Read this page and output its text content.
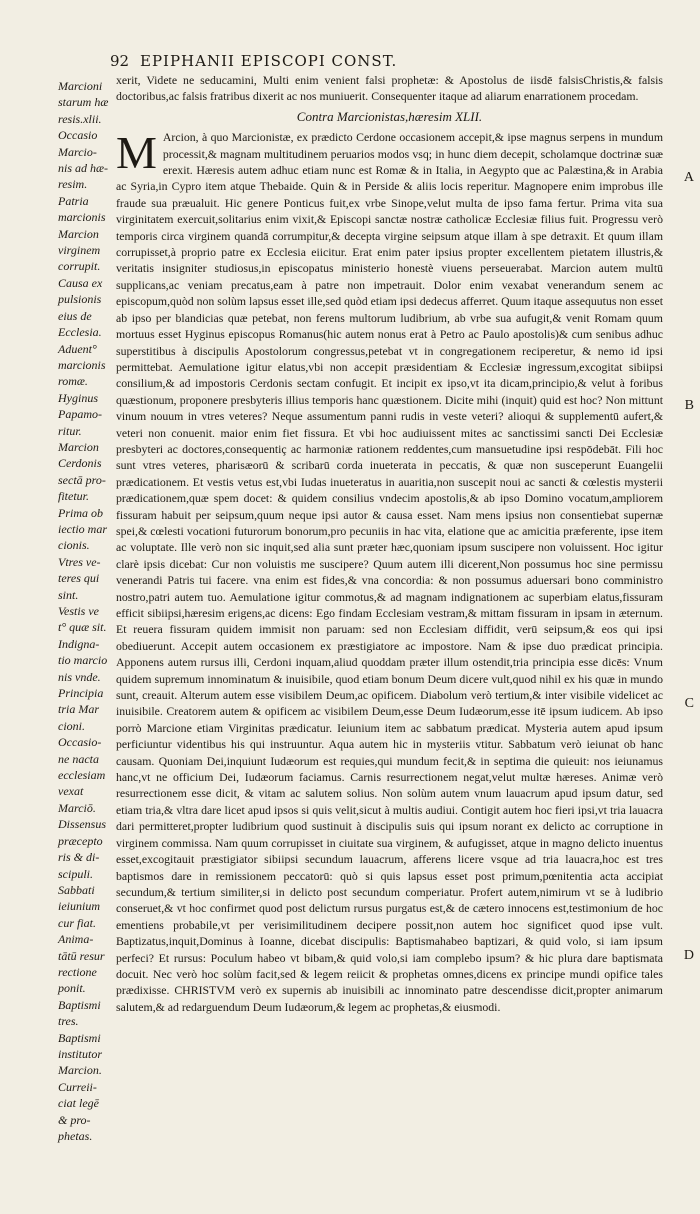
92 EPIPHANII EPISCOPI CONST.
Marcioni
starum hæ
resis.xlii.
Occasio
Marcio-
nis ad hæ-
resim.
Patria
marcionis
Marcion
virginem
corrupit.
Causa ex
pulsionis
eius de
Ecclesia.
Aduent°
marcionis
romæ.
Hyginus
Papamo-
ritur.
Marcion
Cerdonis
sectā pro-
fitetur.
Prima ob
iectio mar
cionis.
Vtres ve-
teres qui
sint.
Vestis ve
t° quæ sit.
Indigna-
tio marcio
nis vnde.
Principia
tria Mar
cioni.
Occasio-
ne nacta
ecclesiam
vexat
Marciō.
Dissensus
præcepto
ris & di-
scipuli.
Sabbati
ieiunium
cur fiat.
Anima-
tātū resur
rectione
ponit.
Baptismi
tres.
Baptismi
institutor
Marcion.
Curreii-
ciat legē
& pro-
phetas.

xerit, Videte ne seducamini, Multi enim venient falsi prophetæ: & Apostolus de iisdē falsisChristis,& falsis doctoribus,ac falsis fratribus dixerit ac nos muniuerit. Consequenter itaque ad aliarum enarrationem procedam.

Contra Marcionistas,hæresim XLII.

M Arcion, à quo Marcionistæ, ex prædicto Cerdone occasionem accepit,& ipse magnus serpens in mundum processit,& magnam multitudinem peruarios modos vsq; in hunc diem decepit, scholamque doctrinæ suæ erexit. Hæresis autem adhuc etiam nunc est Romæ & in Italia, in Aegypto que ac Palæstina,& in Arabia ac Syria,in Cypro item atque Thebaide. Quin & in Perside & aliis locis reperitur. Magnopere enim improbus ille fraude sua præualuit. Hic genere Ponticus fuit,ex vrbe Sinope,velut multa de ipso fama fertur. Prima vita sua virginitatem exercuit,solitarius enim vixit,& Episcopi sanctæ nostræ catholicæ Ecclesiæ filius fuit. Progressu verò temporis circa virginem quandā corrumpitur,& decepta virgine seipsum atque illam à spe detraxit. Et quum illam corrupisset,à proprio patre ex Ecclesia eiicitur. Erat enim pater ipsius propter excellentem pietatem illustris,& veritatis insigniter studiosus,in episcopatus ministerio honestè viuens perseuerabat. Marcion autem multū supplicans,ac veniam precatus,eam à patre non impetrauit. Dolor enim vexabat venerandum senem ac episcopum,quòd non solùm lapsus esset ille,sed quòd etiam ipsi dedecus afferret. Quum itaque assequutus non esset ab ipso per blandicias quæ petebat, non ferens multorum ludibrium, ab vrbe sua aufugit,& venit Romam quum mortuus esset Hyginus episcopus Romanus(hic autem nonus erat à Petro ac Paulo apostolis)& cum senibus adhuc superstitibus à discipulis Apostolorum congressus,petebat vt in congregationem reciperetur, & nemo id ipsi permittebat. Aemulatione igitur elatus,vbi non accepit præsidentiam & Ecclesiæ ingressum,excogitat sibiipsi consilium,& ad impostoris Cerdonis sectam confugit. Et incipit ex ipso,vt ita dicam,principio,& velut à foribus quæstionum, proponere presbyteris illius temporis hanc quæstionem. Dicite mihi (inquit) quid est hoc? Non mittunt vinum nouum in vtres veteres? Neque assumentum panni rudis in veste veteri? alioqui & supplementū aufert,& veteri non conuenit. maior enim fiet fissura. Et vbi hoc audiuissent mites ac sanctissimi sancti Dei Ecclesiæ presbyteri ac doctores,consequentiç ac harmoniæ rationem reddentes,cum mansuetudine ipsi respōdebāt. Fili hoc sunt vtres veteres, pharisæorū & scribarū corda inueterata in peccatis, & quæ non susceperunt Euangelii prædicationem. Et vestis vetus est,vbi Iudas inueteratus in auaritia,non suscepit noui ac sancti & cœlestis mysterii prædicationem,quæ spem docet: & quidem consilius vndecim apostolis,& ab ipso Domino vocatum,ampliorem fissuram habuit per seipsum,quum neque ipsi autor & causa esset. Nam mens ipsius non consentiebat supernæ spei,& cœlesti vocationi futurorum bonorum,pro pecuniis in hac vita, elatione que ac amicitia præferente, ipse item ac voluptate. Ille verò non sic inquit,sed alia sunt præter hæc,quoniam ipsum suscipere non voluissent. Hoc igitur clarè ipsis dicebat: Cur non voluistis me suscipere? Quum autem illi dicerent,Non possumus hoc sine permissu venerandi Patris tui facere. vna enim est fides,& vna concordia: & non possumus aduersari bono comministro nostro,patri autem tuo. Aemulatione igitur commotus,& ad magnam indignationem ac superbiam elatus,fissuram efficit sibiipsi,hæresim erigens,ac dicens: Ego findam Ecclesiam vestram,& mittam fissuram in ipsam in æternum. Et reuera fissuram quidem immisit non paruam: sed non Ecclesiam diffidit, verū seipsum,& eos qui ipsi obediuerunt. Accepit autem occasionem ex præstigiatore ac impostore. Nam & ipse duo prædicat principia. Apponens autem rursus illi, Cerdoni inquam,aliud quoddam præter illum ostendit,tria principia esse dicēs: Vnum quidem supremum innominatum & inuisibile, quod etiam bonum Deum dicere vult,quod nihil ex his quæ in mundo sunt, creauit. Alterum autem esse visibilem Deum,ac opificem. Diabolum verò tertium,& inter visibile videlicet ac inuisibile. Creatorem autem & opificem ac visibilem Deum,esse Deum Iudæorum,esse itē ipsum iudicem. Ab ipso porrò Marcione etiam Virginitas prædicatur. Ieiunium item ac sabbatum prædicat. Mysteria autem apud ipsum perficiuntur videntibus his qui instruuntur. Aqua autem hic in mysteriis vtitur. Sabbatum verò ieiunat ob hanc causam. Quoniam Dei,inquiunt Iudæorum est requies,qui mundum fecit,& in septima die quieuit: nos ieiunamus hanc,vt ne officium Dei, Iudæorum faciamus. Carnis resurrectionem negat,velut multæ hæreses. Animæ verò resurrectionem esse dicit, & vitam ac salutem solius. Non solùm autem vnum lauacrum apud ipsum datur, sed etiam tria,& vltra dare licet apud ipsos si quis velit,sicut à multis audiui. Contigit autem hoc fieri ipsi,vt tria lauacra dari permitteret,propter ludibrium quod sustinuit à discipulis suis qui ipsum norant ex delicto ac corruptione in virginem commissa. Nam quum corrupisset in ciuitate sua virginem, & aufugisset, atque in magno delicto inuentus esset,excogitauit præstigiator sibiipsi secundum lauacrum, afferens licere vsque ad tria lauacra,hoc est tres baptismos dare in remissionem peccatorū: quò si quis lapsus esset post primum,pœnitentia acta accipiat secundum,& tertium similiter,si in delicto post secundum comperiatur. Profert autem,nimirum vt se à ludibrio conseruet,& vt hoc confirmet quod post delictum rursus purgatus est,& de cætero innocens est,testimonium de hoc ementiens probabile,vt per verisimilitudinem decipere possit,non autem hoc significet quod ipse vult. Baptizatus,inquit,Dominus à Ioanne, dicebat discipulis: Baptismahabeo baptizari, & quid volo, si iam ipsum perfeci? Et rursus: Poculum habeo vt bibam,& quid volo,si iam complebo ipsum? & hic plura dare baptismata docuit. Nec verò hoc solùm facit,sed & legem reiicit & prophetas omnes,dicens ex principe mundi opifice tales prædixisse. CHRISTVM verò ex supernis ab inuisibili ac innominato patre descendisse dicit,propter animarum salutem,& ad redarguendum Deum Iudæorum,& legem ac prophetas,& eiusmodi.

A
B
C
D
